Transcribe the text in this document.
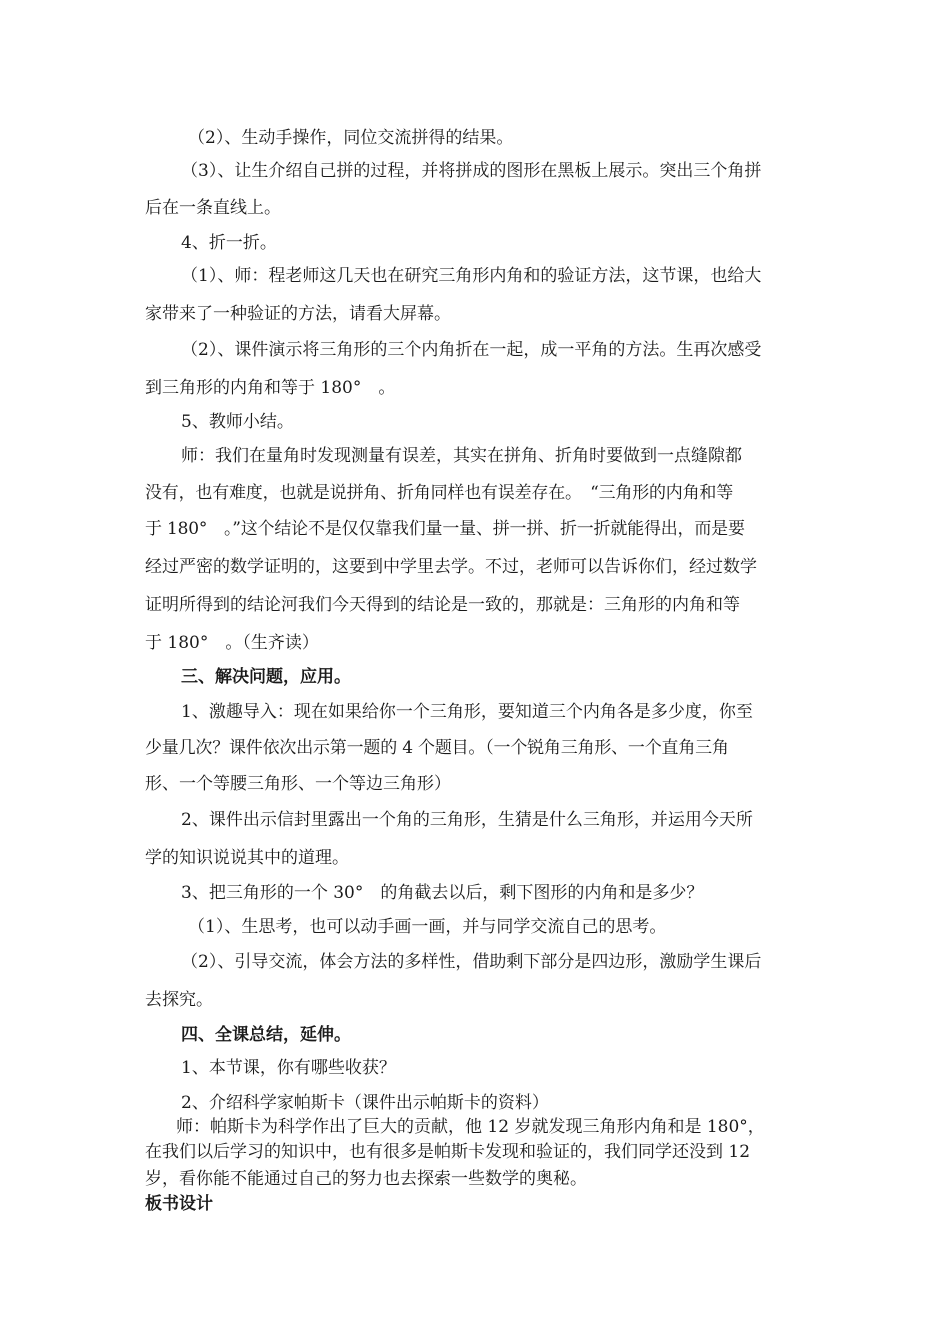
（2）、生动手操作，同位交流拼得的结果。
（3）、让生介绍自己拼的过程，并将拼成的图形在黑板上展示。突出三个角拼
后在一条直线上。
4、折一折。
（1）、师：程老师这几天也在研究三角形内角和的验证方法，这节课，也给大
家带来了一种验证的方法，请看大屏幕。
（2）、课件演示将三角形的三个内角折在一起，成一平角的方法。生再次感受
到三角形的内角和等于 180°　。
5、教师小结。
师：我们在量角时发现测量有误差，其实在拼角、折角时要做到一点缝隙都
没有，也有难度，也就是说拼角、折角同样也有误差存在。　“三角形的内角和等
于 180°　。”这个结论不是仅仅靠我们量一量、拼一拼、折一折就能得出，而是要
经过严密的数学证明的，这要到中学里去学。不过，老师可以告诉你们，经过数学
证明所得到的结论河我们今天得到的结论是一致的，那就是：三角形的内角和等
于 180°　。（生齐读）
三、解决问题，应用。
1、激趣导入：现在如果给你一个三角形，要知道三个内角各是多少度，你至
少量几次？课件依次出示第一题的 4 个题目。（一个锐角三角形、一个直角三角
形、一个等腰三角形、一个等边三角形）
2、课件出示信封里露出一个角的三角形，生猜是什么三角形，并运用今天所
学的知识说说其中的道理。
3、把三角形的一个 30°　的角截去以后，剩下图形的内角和是多少？
（1）、生思考，也可以动手画一画，并与同学交流自己的思考。
（2）、引导交流，体会方法的多样性，借助剩下部分是四边形，激励学生课后
去探究。
四、全课总结，延伸。
1、本节课，你有哪些收获？
2、介绍科学家帕斯卡（课件出示帕斯卡的资料）
师：帕斯卡为科学作出了巨大的贡献，他 12 岁就发现三角形内角和是 180°，
在我们以后学习的知识中，也有很多是帕斯卡发现和验证的，我们同学还没到 12
岁，看你能不能通过自己的努力也去探索一些数学的奥秘。
板书设计
